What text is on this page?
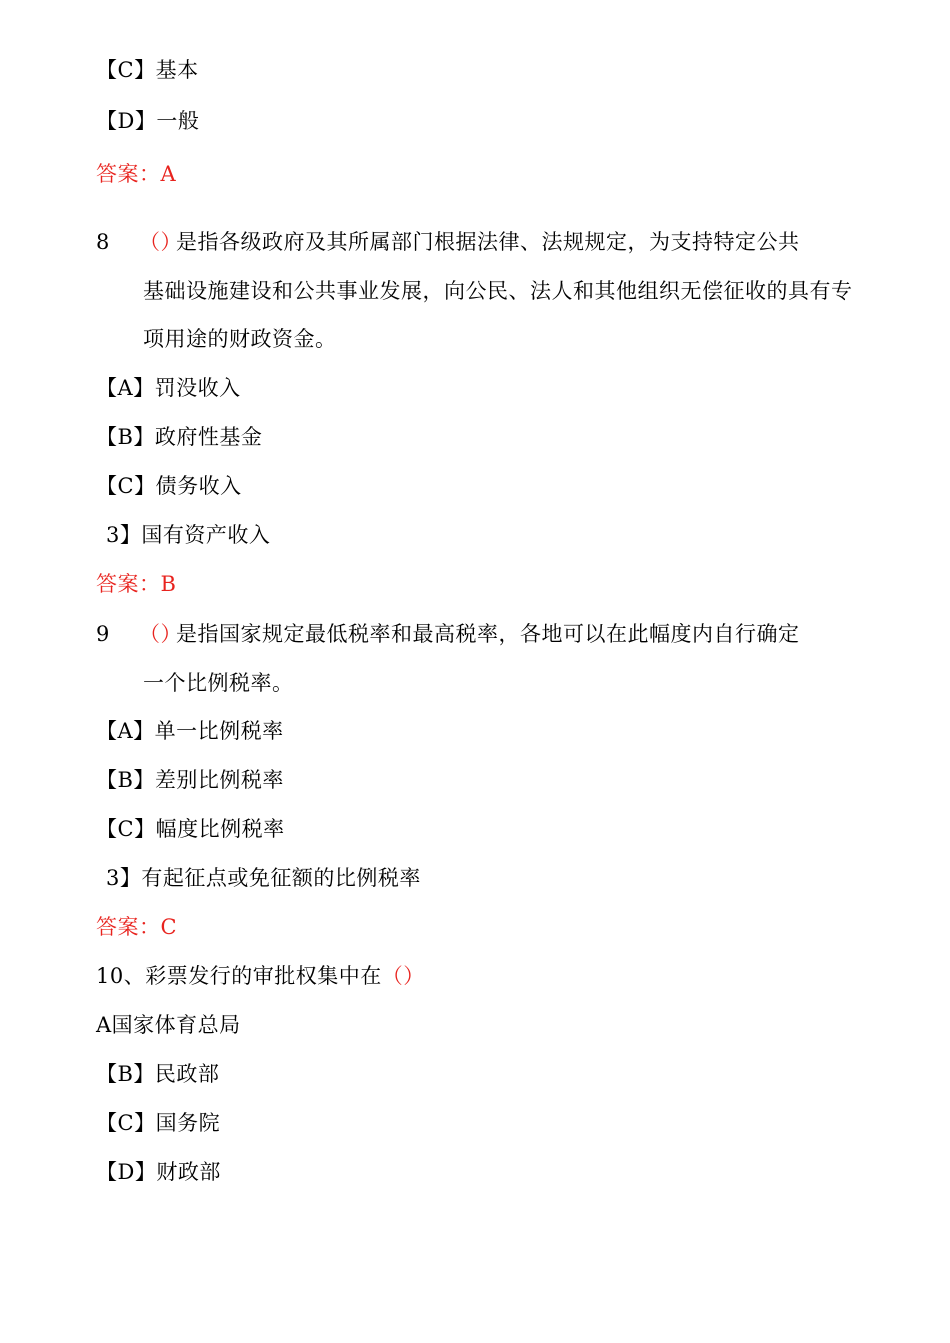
【C】基本
【D】一般
答案：A
8 （）
是指各级政府及其所属部门根据法律、法规规定，为支持特定公共
基础设施建设和公共事业发展，向公民、法人和其他组织无偿征收的具有专
项用途的财政资金。
【A】罚没收入
【B】政府性基金
【C】债务收入
3】国有资产收入
答案：B
9 （）
是指国家规定最低税率和最高税率，各地可以在此幅度内自行确定
一个比例税率。
【A】单一比例税率
【B】差别比例税率
【C】幅度比例税率
3】有起征点或免征额的比例税率
答案：C
10、彩票发行的审批权集中在（）
A国家体育总局
【B】民政部
【C】国务院
【D】财政部
